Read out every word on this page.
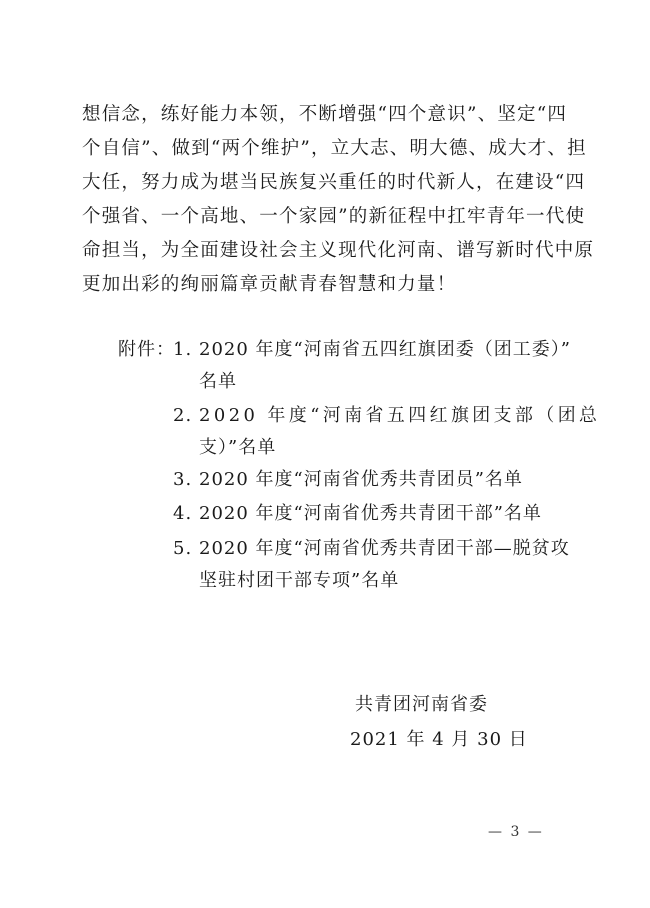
想信念，练好能力本领，不断增强“四个意识”、坚定“四
个自信”、做到“两个维护”，立大志、明大德、成大才、担
大任，努力成为堪当民族复兴重任的时代新人，在建设“四
个强省、一个高地、一个家园”的新征程中扛牢青年一代使
命担当，为全面建设社会主义现代化河南、谱写新时代中原
更加出彩的绚丽篇章贡献青春智慧和力量！
附件：
1. 2020 年度“河南省五四红旗团委（团工委）”
名单
2. 2020 年度“河南省五四红旗团支部（团总
支）”名单
3. 2020 年度“河南省优秀共青团员”名单
4. 2020 年度“河南省优秀共青团干部”名单
5. 2020 年度“河南省优秀共青团干部—脱贫攻
坚驻村团干部专项”名单
共青团河南省委
2021 年 4 月 30 日
— 3 —
